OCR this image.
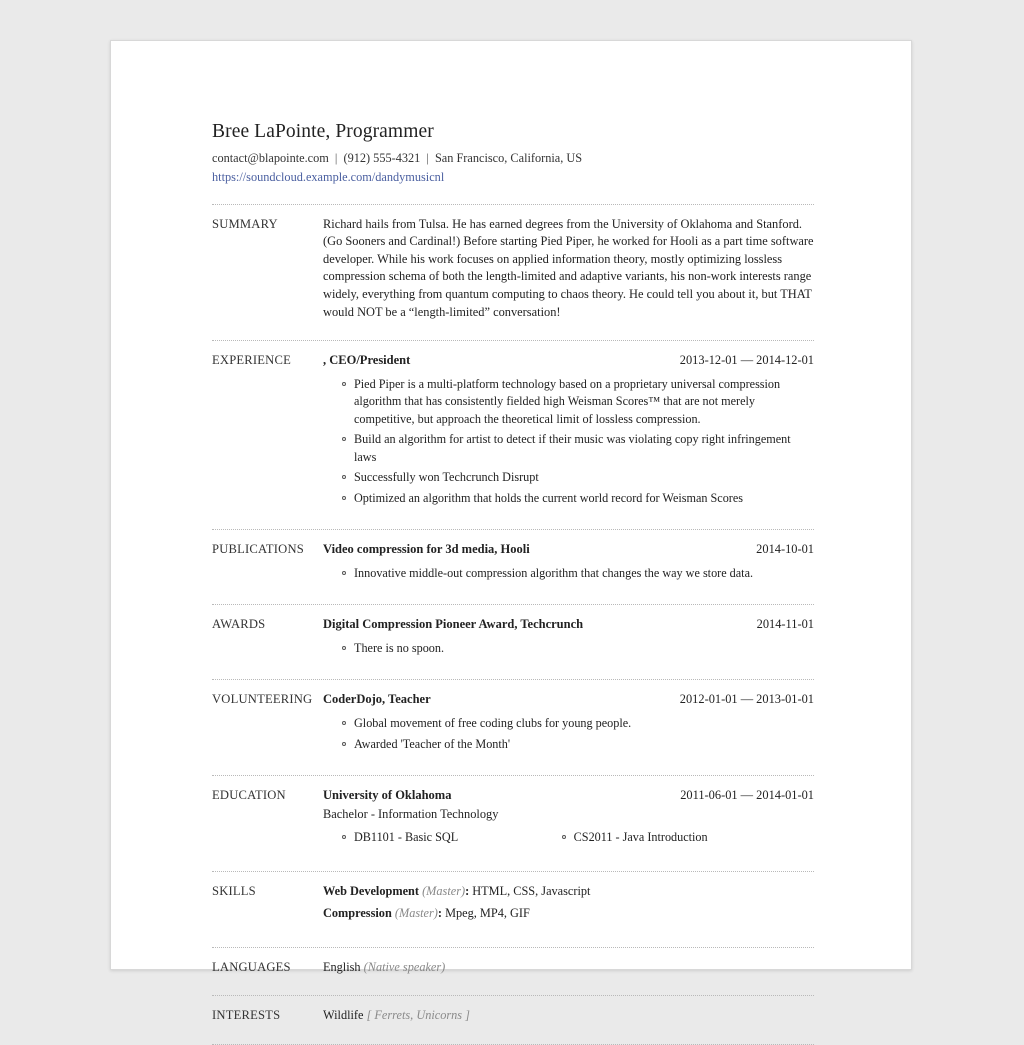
Bree LaPointe, Programmer
contact@blapointe.com | (912) 555-4321 | San Francisco, California, US
https://soundcloud.example.com/dandymusicnl
SUMMARY	Richard hails from Tulsa. He has earned degrees from the University of Oklahoma and Stanford. (Go Sooners and Cardinal!) Before starting Pied Piper, he worked for Hooli as a part time software developer. While his work focuses on applied information theory, mostly optimizing lossless compression schema of both the length-limited and adaptive variants, his non-work interests range widely, everything from quantum computing to chaos theory. He could tell you about it, but THAT would NOT be a “length-limited” conversation!
EXPERIENCE	, CEO/President	2013-12-01 — 2014-12-01
Pied Piper is a multi-platform technology based on a proprietary universal compression algorithm that has consistently fielded high Weisman Scores™ that are not merely competitive, but approach the theoretical limit of lossless compression.
Build an algorithm for artist to detect if their music was violating copy right infringement laws
Successfully won Techcrunch Disrupt
Optimized an algorithm that holds the current world record for Weisman Scores
PUBLICATIONS	Video compression for 3d media, Hooli	2014-10-01
Innovative middle-out compression algorithm that changes the way we store data.
AWARDS	Digital Compression Pioneer Award, Techcrunch	2014-11-01
There is no spoon.
VOLUNTEERING CoderDojo, Teacher	2012-01-01 — 2013-01-01
Global movement of free coding clubs for young people.
Awarded 'Teacher of the Month'
EDUCATION	University of Oklahoma	2011-06-01 — 2014-01-01
Bachelor - Information Technology
DB1101 - Basic SQL	CS2011 - Java Introduction
SKILLS	Web Development (Master): HTML, CSS, Javascript
Compression (Master): Mpeg, MP4, GIF
LANGUAGES	English (Native speaker)
INTERESTS	Wildlife [ Ferrets, Unicorns ]
